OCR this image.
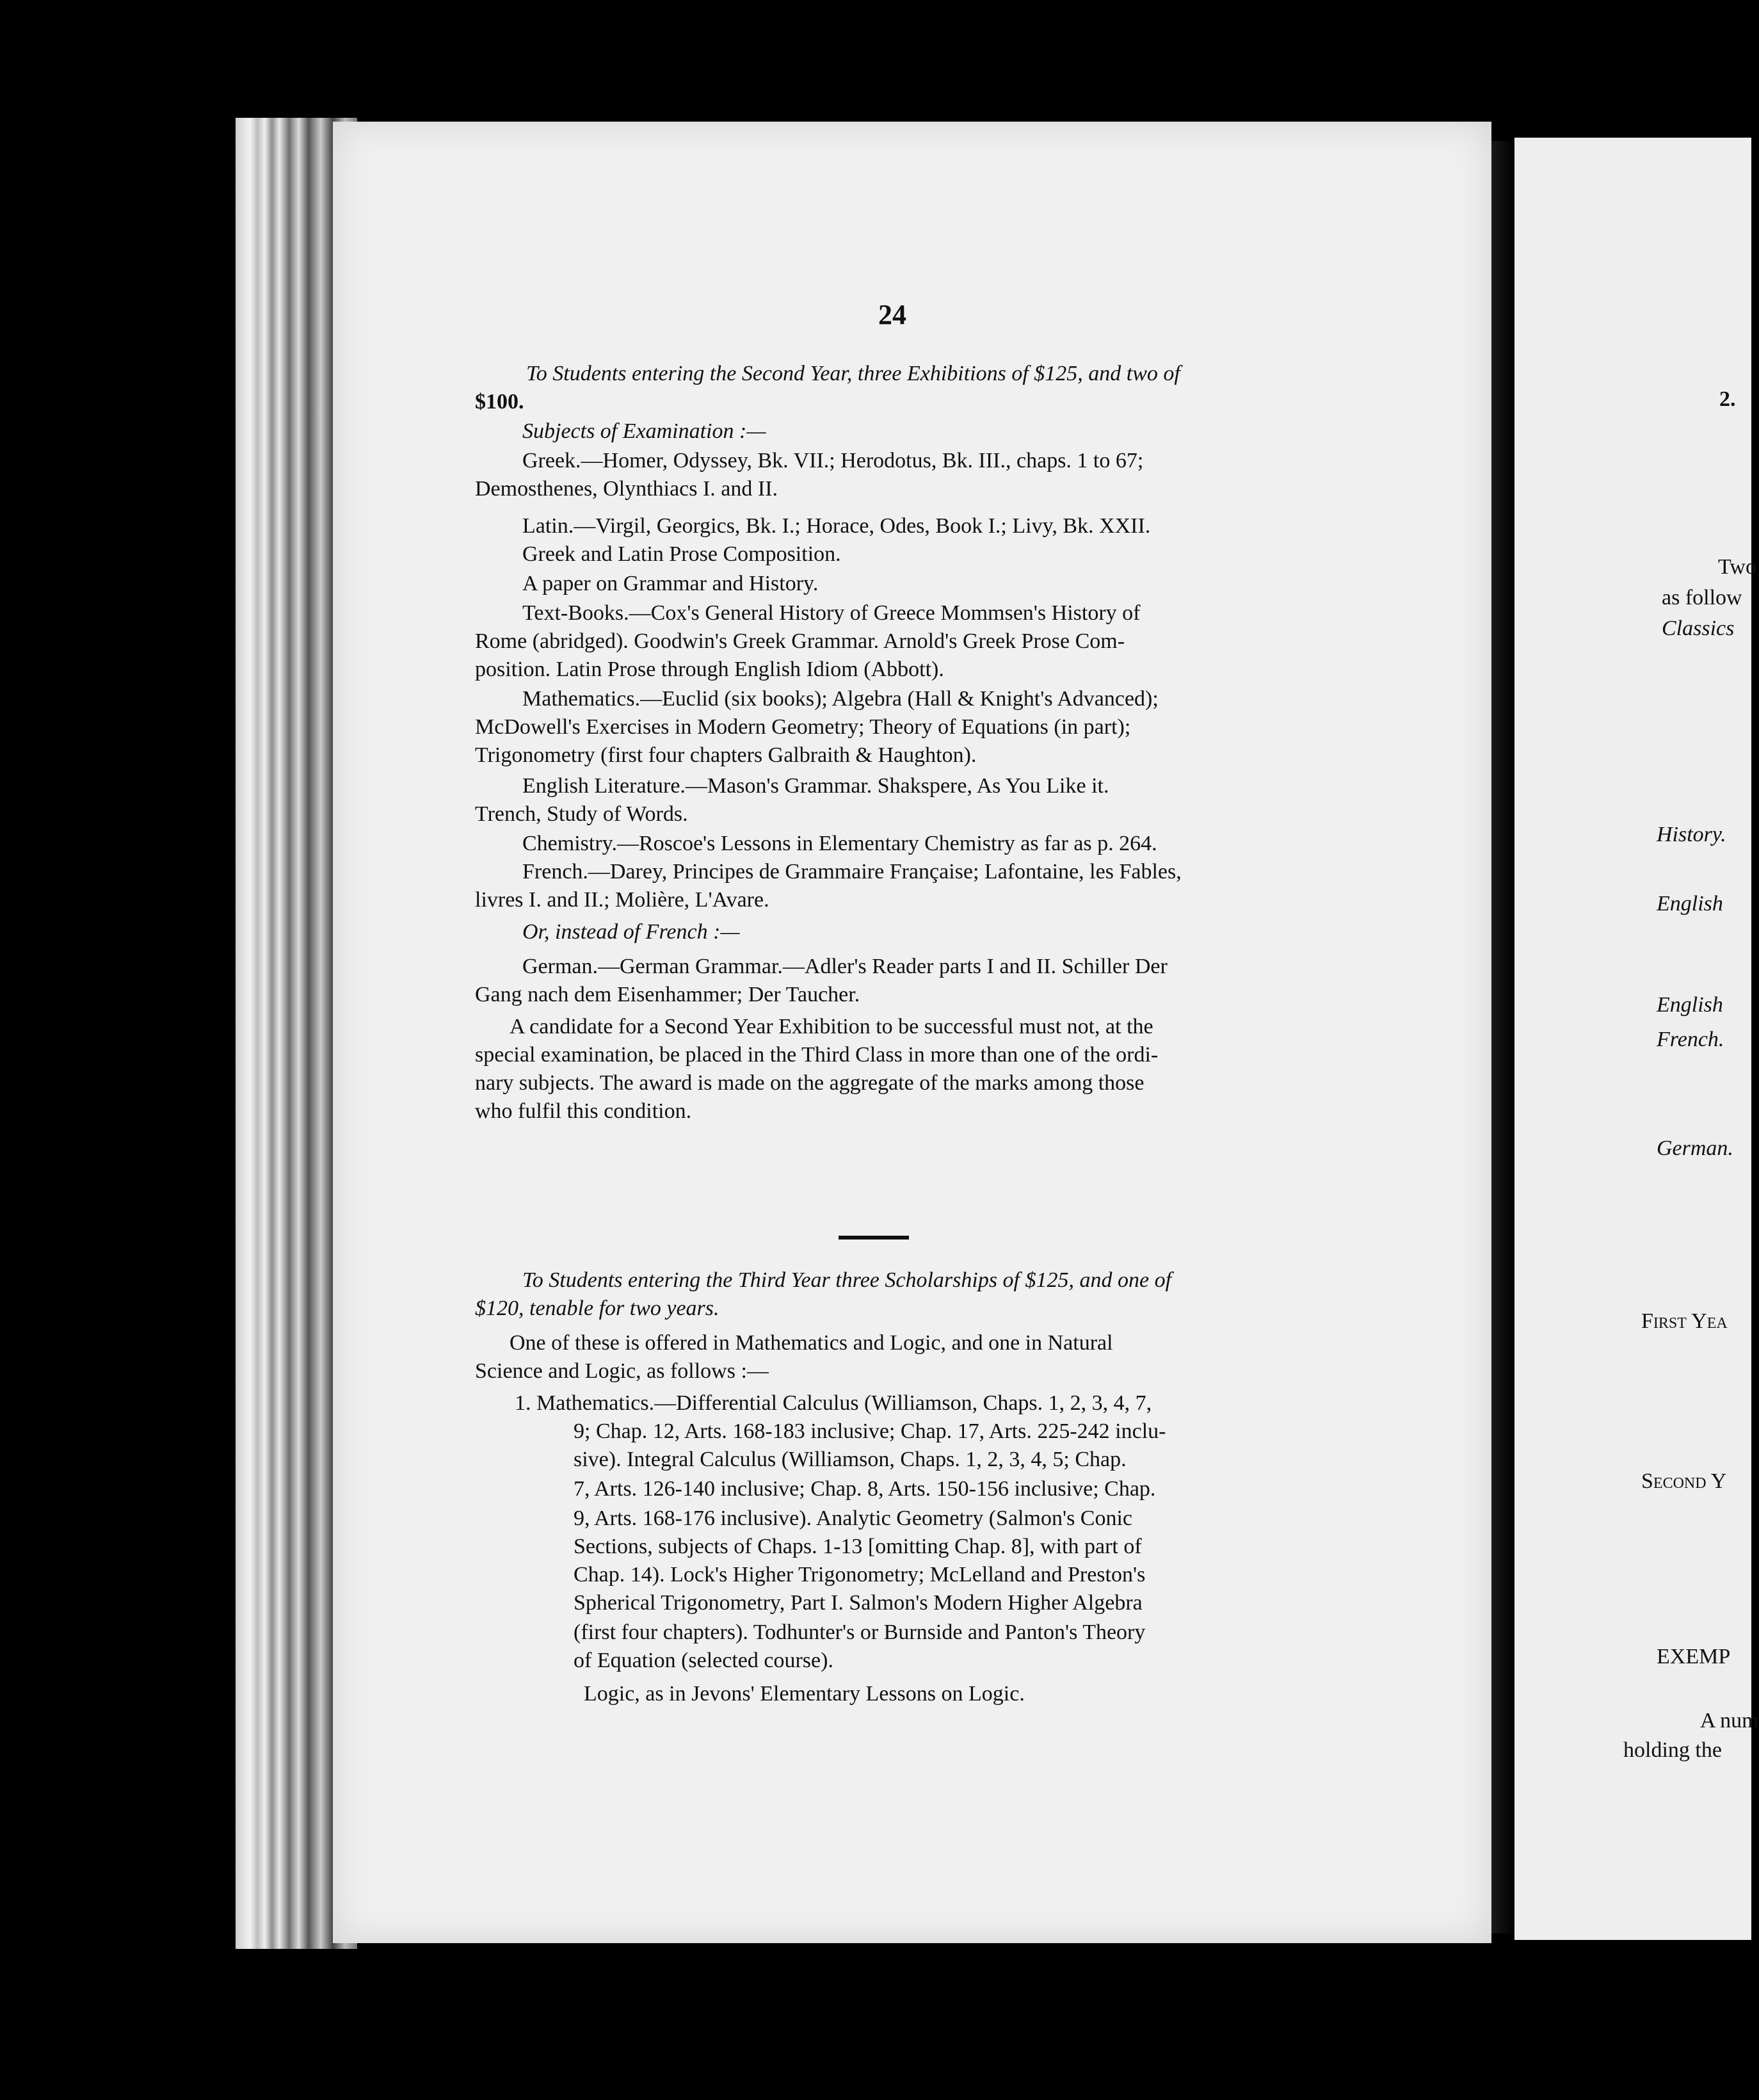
24
To Students entering the Second Year, three Exhibitions of $125, and two of
$100.
Subjects of Examination :—
Greek.—Homer, Odyssey, Bk. VII.; Herodotus, Bk. III., chaps. 1 to 67;
Demosthenes, Olynthiacs I. and II.
Latin.—Virgil, Georgics, Bk. I.; Horace, Odes, Book I.; Livy, Bk. XXII.
Greek and Latin Prose Composition.
A paper on Grammar and History.
Text-Books.—Cox's General History of Greece Mommsen's History of
Rome (abridged). Goodwin's Greek Grammar. Arnold's Greek Prose Com-
position. Latin Prose through English Idiom (Abbott).
Mathematics.—Euclid (six books); Algebra (Hall & Knight's Advanced);
McDowell's Exercises in Modern Geometry; Theory of Equations (in part);
Trigonometry (first four chapters Galbraith & Haughton).
English Literature.—Mason's Grammar. Shakspere, As You Like it.
Trench, Study of Words.
Chemistry.—Roscoe's Lessons in Elementary Chemistry as far as p. 264.
French.—Darey, Principes de Grammaire Française; Lafontaine, les Fables,
livres I. and II.; Molière, L'Avare.
Or, instead of French :—
German.—German Grammar.—Adler's Reader parts I and II. Schiller Der
Gang nach dem Eisenhammer; Der Taucher.
A candidate for a Second Year Exhibition to be successful must not, at the
special examination, be placed in the Third Class in more than one of the ordi-
nary subjects. The award is made on the aggregate of the marks among those
who fulfil this condition.
To Students entering the Third Year three Scholarships of $125, and one of
$120, tenable for two years.
One of these is offered in Mathematics and Logic, and one in Natural
Science and Logic, as follows :—
1. Mathematics.—Differential Calculus (Williamson, Chaps. 1, 2, 3, 4, 7,
9; Chap. 12, Arts. 168-183 inclusive; Chap. 17, Arts. 225-242 inclu-
sive). Integral Calculus (Williamson, Chaps. 1, 2, 3, 4, 5; Chap.
7, Arts. 126-140 inclusive; Chap. 8, Arts. 150-156 inclusive; Chap.
9, Arts. 168-176 inclusive). Analytic Geometry (Salmon's Conic
Sections, subjects of Chaps. 1-13 [omitting Chap. 8], with part of
Chap. 14). Lock's Higher Trigonometry; McLelland and Preston's
Spherical Trigonometry, Part I. Salmon's Modern Higher Algebra
(first four chapters). Todhunter's or Burnside and Panton's Theory
of Equation (selected course).
Logic, as in Jevons' Elementary Lessons on Logic.
2.
Two
as follow
Classics
History.
English
English
French.
German.
First Yea
Second Y
EXEMP
A num
holding the
